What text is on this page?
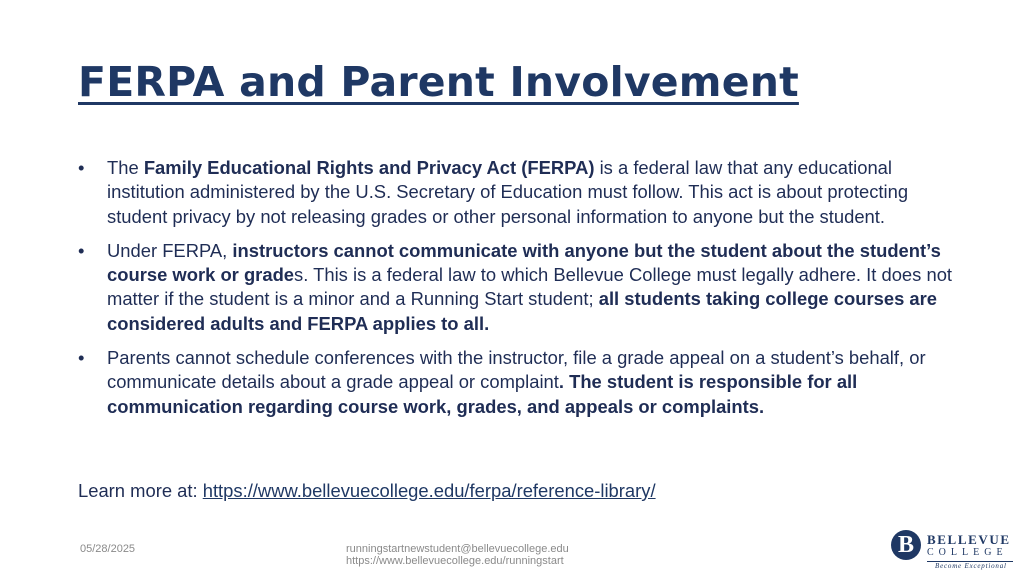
FERPA and Parent Involvement
• The Family Educational Rights and Privacy Act (FERPA) is a federal law that any educational institution administered by the U.S. Secretary of Education must follow. This act is about protecting student privacy by not releasing grades or other personal information to anyone but the student.
• Under FERPA, instructors cannot communicate with anyone but the student about the student’s course work or grades. This is a federal law to which Bellevue College must legally adhere. It does not matter if the student is a minor and a Running Start student; all students taking college courses are considered adults and FERPA applies to all.
• Parents cannot schedule conferences with the instructor, file a grade appeal on a student’s behalf, or communicate details about a grade appeal or complaint. The student is responsible for all communication regarding course work, grades, and appeals or complaints.
Learn more at: https://www.bellevuecollege.edu/ferpa/reference-library/
05/28/2025	runningstartnewstudent@bellevuecollege.edu https://www.bellevuecollege.edu/runningstart
B	BELLEVUE
COLLEGE
Become Exceptional
